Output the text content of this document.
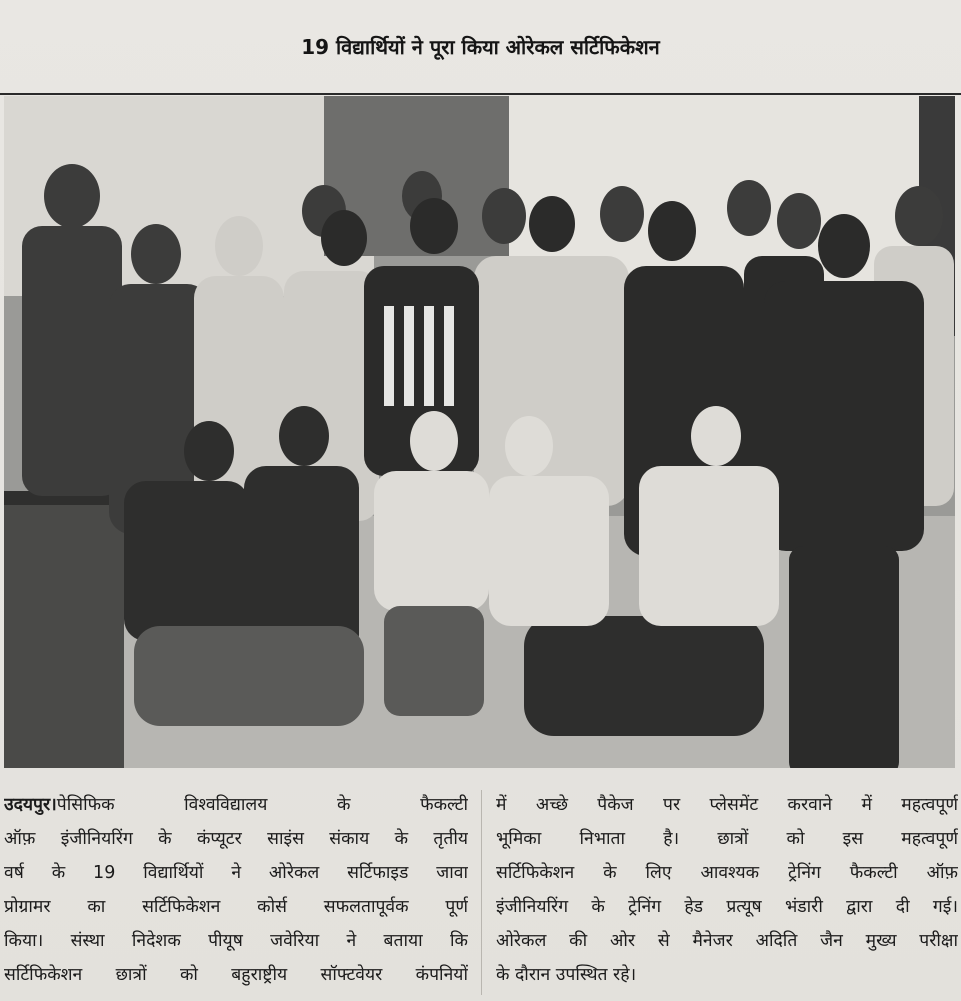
19 विद्यार्थियों ने पूरा किया ओरेकल सर्टिफिकेशन
उदयपुर।पेसिफिक विश्वविद्यालय के फैकल्टी
ऑफ़ इंजीनियरिंग के कंप्यूटर साइंस संकाय के तृतीय
वर्ष के 19 विद्यार्थियों ने ओरेकल सर्टिफाइड जावा
प्रोग्रामर का सर्टिफिकेशन कोर्स सफलतापूर्वक पूर्ण
किया। संस्था निदेशक पीयूष जवेरिया ने बताया कि
सर्टिफिकेशन छात्रों को बहुराष्ट्रीय सॉफ्टवेयर कंपनियों
में अच्छे पैकेज पर प्लेसमेंट करवाने में महत्वपूर्ण
भूमिका निभाता है। छात्रों को इस महत्वपूर्ण
सर्टिफिकेशन के लिए आवश्यक ट्रेनिंग फैकल्टी ऑफ़
इंजीनियरिंग के ट्रेनिंग हेड प्रत्यूष भंडारी द्वारा दी गई।
ओरेकल की ओर से मैनेजर अदिति जैन मुख्य परीक्षा
के दौरान उपस्थित रहे।
